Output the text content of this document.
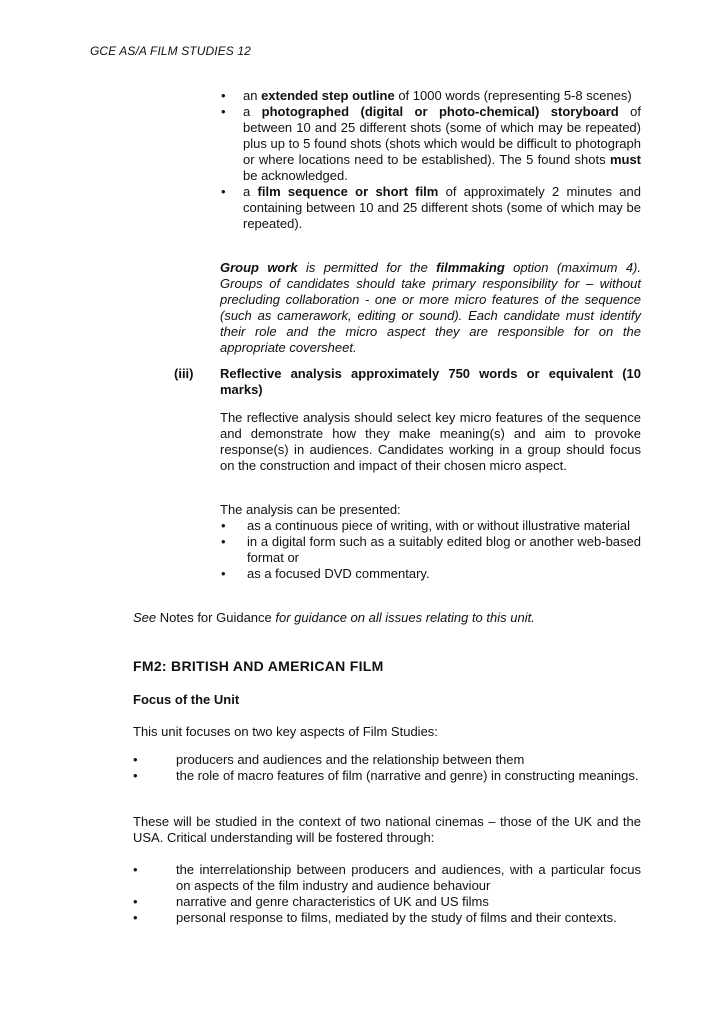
GCE AS/A FILM STUDIES 12
• an extended step outline of 1000 words (representing 5-8 scenes)
• a photographed (digital or photo-chemical) storyboard of between 10 and 25 different shots (some of which may be repeated) plus up to 5 found shots (shots which would be difficult to photograph or where locations need to be established). The 5 found shots must be acknowledged.
• a film sequence or short film of approximately 2 minutes and containing between 10 and 25 different shots (some of which may be repeated).
Group work is permitted for the filmmaking option (maximum 4). Groups of candidates should take primary responsibility for – without precluding collaboration - one or more micro features of the sequence (such as camerawork, editing or sound). Each candidate must identify their role and the micro aspect they are responsible for on the appropriate coversheet.
(iii) Reflective analysis approximately 750 words or equivalent (10 marks)
The reflective analysis should select key micro features of the sequence and demonstrate how they make meaning(s) and aim to provoke response(s) in audiences. Candidates working in a group should focus on the construction and impact of their chosen micro aspect.
The analysis can be presented:
• as a continuous piece of writing, with or without illustrative material
• in a digital form such as a suitably edited blog or another web-based format or
• as a focused DVD commentary.
See Notes for Guidance for guidance on all issues relating to this unit.
FM2: BRITISH AND AMERICAN FILM
Focus of the Unit
This unit focuses on two key aspects of Film Studies:
•	producers and audiences and the relationship between them
•	the role of macro features of film (narrative and genre) in constructing meanings.
These will be studied in the context of two national cinemas – those of the UK and the USA. Critical understanding will be fostered through:
•	the interrelationship between producers and audiences, with a particular focus on aspects of the film industry and audience behaviour
•	narrative and genre characteristics of UK and US films
•	personal response to films, mediated by the study of films and their contexts.
